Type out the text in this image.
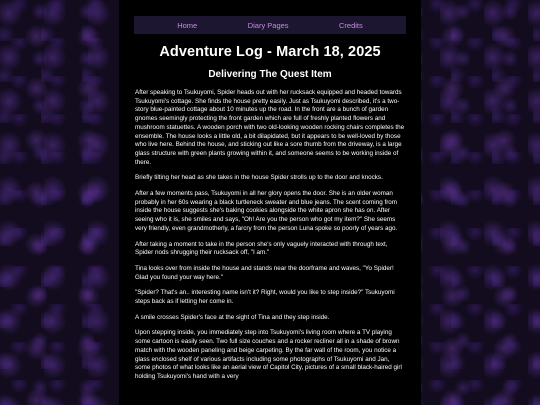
Home	Diary Pages	Credits
Adventure Log - March 18, 2025
Delivering The Quest Item

After speaking to Tsukuyomi, Spider heads out with her rucksack equipped and headed towards Tsukuyomi's cottage. She finds the house pretty easily. Just as Tsukuyomi described, it's a two-story blue-painted cottage about 10 minutes up the road. In the front are a bunch of garden gnomes seemingly protecting the front garden which are full of freshly planted flowers and mushroom statuettes. A wooden porch with two old-looking wooden rocking chairs completes the ensemble. The house looks a little old, a bit dilapidated, but it appears to be well-loved by those who live here. Behind the house, and sticking out like a sore thumb from the driveway, is a large glass structure with green plants growing within it, and someone seems to be working inside of there.

Briefly tilting her head as she takes in the house Spider strolls up to the door and knocks.

After a few moments pass, Tsukuyomi in all her glory opens the door. She is an older woman probably in her 60s wearing a black turtleneck sweater and blue jeans. The scent coming from inside the house suggests she's baking cookies alongside the white apron she has on. After seeing who it is, she smiles and says, "Oh! Are you the person who got my item?" She seems very friendly, even grandmotherly, a farcry from the person Luna spoke so poorly of years ago.

After taking a moment to take in the person she's only vaguely interacted with through text, Spider nods shrugging their rucksack off, "I am."

Tina looks over from inside the house and stands near the doorframe and waves, "Yo Spider! Glad you found your way here."

"Spider? That's an.. interesting name isn't it? Right, would you like to step inside?" Tsukuyomi steps back as if letting her come in.

A smile crosses Spider's face at the sight of Tina and they step inside.

Upon stepping inside, you immediately step into Tsukuyomi's living room where a TV playing some cartoon is easily seen. Two full size couches and a rocker recliner all in a shade of brown match with the wooden paneling and beige carpeting. By the far wall of the room, you notice a glass enclosed shelf of various artifacts including some photographs of Tsukuyomi and Jan, some photos of what looks like an aerial view of Capitol City, pictures of a small black-haired girl holding Tsukuyomi's hand with a very
